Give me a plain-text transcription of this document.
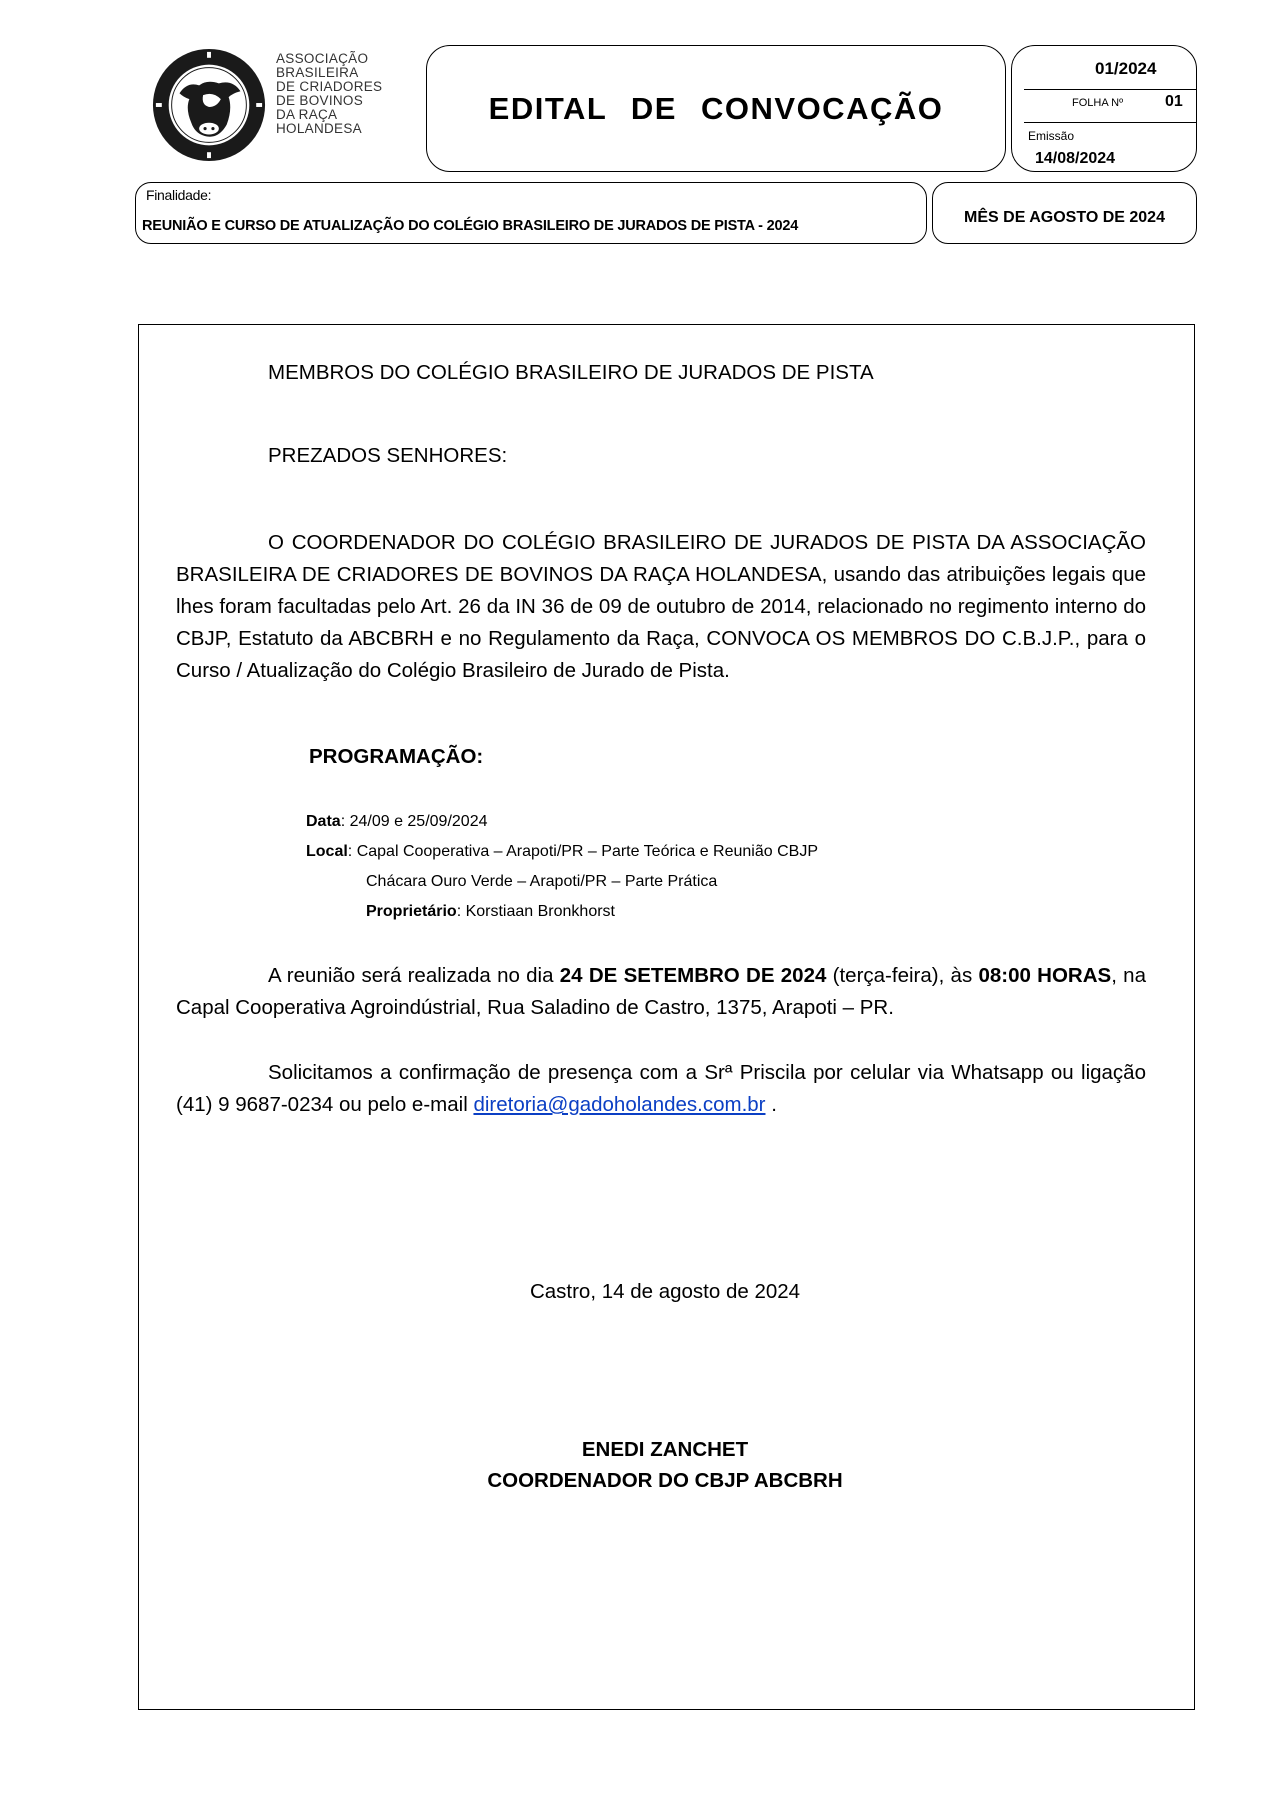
ASSOCIAÇÃO
BRASILEIRA
DE CRIADORES
DE BOVINOS
DA RAÇA
HOLANDESA
EDITAL DE CONVOCAÇÃO
01/2024
FOLHA Nº	01
Emissão
14/08/2024
Finalidade:
REUNIÃO E CURSO DE ATUALIZAÇÃO DO COLÉGIO BRASILEIRO DE JURADOS DE PISTA - 2024	MÊS DE AGOSTO DE 2024
MEMBROS DO COLÉGIO BRASILEIRO DE JURADOS DE PISTA
PREZADOS SENHORES:
O COORDENADOR DO COLÉGIO BRASILEIRO DE JURADOS DE PISTA DA ASSOCIAÇÃO BRASILEIRA DE CRIADORES DE BOVINOS DA RAÇA HOLANDESA, usando das atribuições legais que lhes foram facultadas pelo Art. 26 da IN 36 de 09 de outubro de 2014, relacionado no regimento interno do CBJP, Estatuto da ABCBRH e no Regulamento da Raça, CONVOCA OS MEMBROS DO C.B.J.P., para o Curso / Atualização do Colégio Brasileiro de Jurado de Pista.
PROGRAMAÇÃO:
Data: 24/09 e 25/09/2024
Local: Capal Cooperativa – Arapoti/PR – Parte Teórica e Reunião CBJP
Chácara Ouro Verde – Arapoti/PR – Parte Prática
Proprietário: Korstiaan Bronkhorst
A reunião será realizada no dia 24 DE SETEMBRO DE 2024 (terça-feira), às 08:00 HORAS, na Capal Cooperativa Agroindústrial, Rua Saladino de Castro, 1375, Arapoti – PR.
Solicitamos a confirmação de presença com a Srª Priscila por celular via Whatsapp ou ligação (41) 9 9687-0234 ou pelo e-mail diretoria@gadoholandes.com.br .
Castro, 14 de agosto de 2024
ENEDI ZANCHET
COORDENADOR DO CBJP ABCBRH
